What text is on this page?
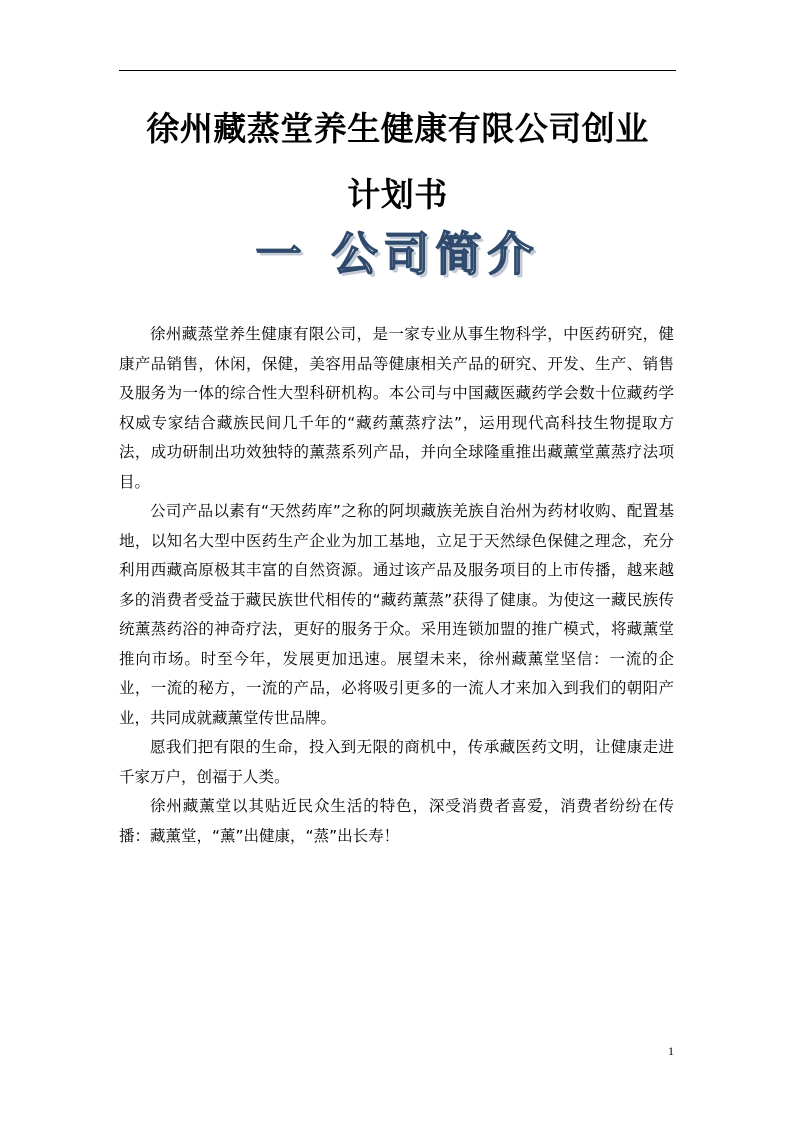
徐州藏蒸堂养生健康有限公司创业
计划书
一 公司简介

徐州藏蒸堂养生健康有限公司，是一家专业从事生物科学，中医药研究，健康产品销售，休闲，保健，美容用品等健康相关产品的研究、开发、生产、销售及服务为一体的综合性大型科研机构。本公司与中国藏医藏药学会数十位藏药学权威专家结合藏族民间几千年的“藏药薰蒸疗法”，运用现代高科技生物提取方法，成功研制出功效独特的薰蒸系列产品，并向全球隆重推出藏薰堂薰蒸疗法项目。

公司产品以素有“天然药库”之称的阿坝藏族羌族自治州为药材收购、配置基地，以知名大型中医药生产企业为加工基地，立足于天然绿色保健之理念，充分利用西藏高原极其丰富的自然资源。通过该产品及服务项目的上市传播，越来越多的消费者受益于藏民族世代相传的“藏药薰蒸”获得了健康。为使这一藏民族传统薰蒸药浴的神奇疗法，更好的服务于众。采用连锁加盟的推广模式，将藏薰堂推向市场。时至今年，发展更加迅速。展望未来，徐州藏薰堂坚信：一流的企业，一流的秘方，一流的产品，必将吸引更多的一流人才来加入到我们的朝阳产业，共同成就藏薰堂传世品牌。

愿我们把有限的生命，投入到无限的商机中，传承藏医药文明，让健康走进千家万户，创福于人类。

徐州藏薰堂以其贴近民众生活的特色，深受消费者喜爱，消费者纷纷在传播：藏薰堂，“薰”出健康，“蒸”出长寿！

1
